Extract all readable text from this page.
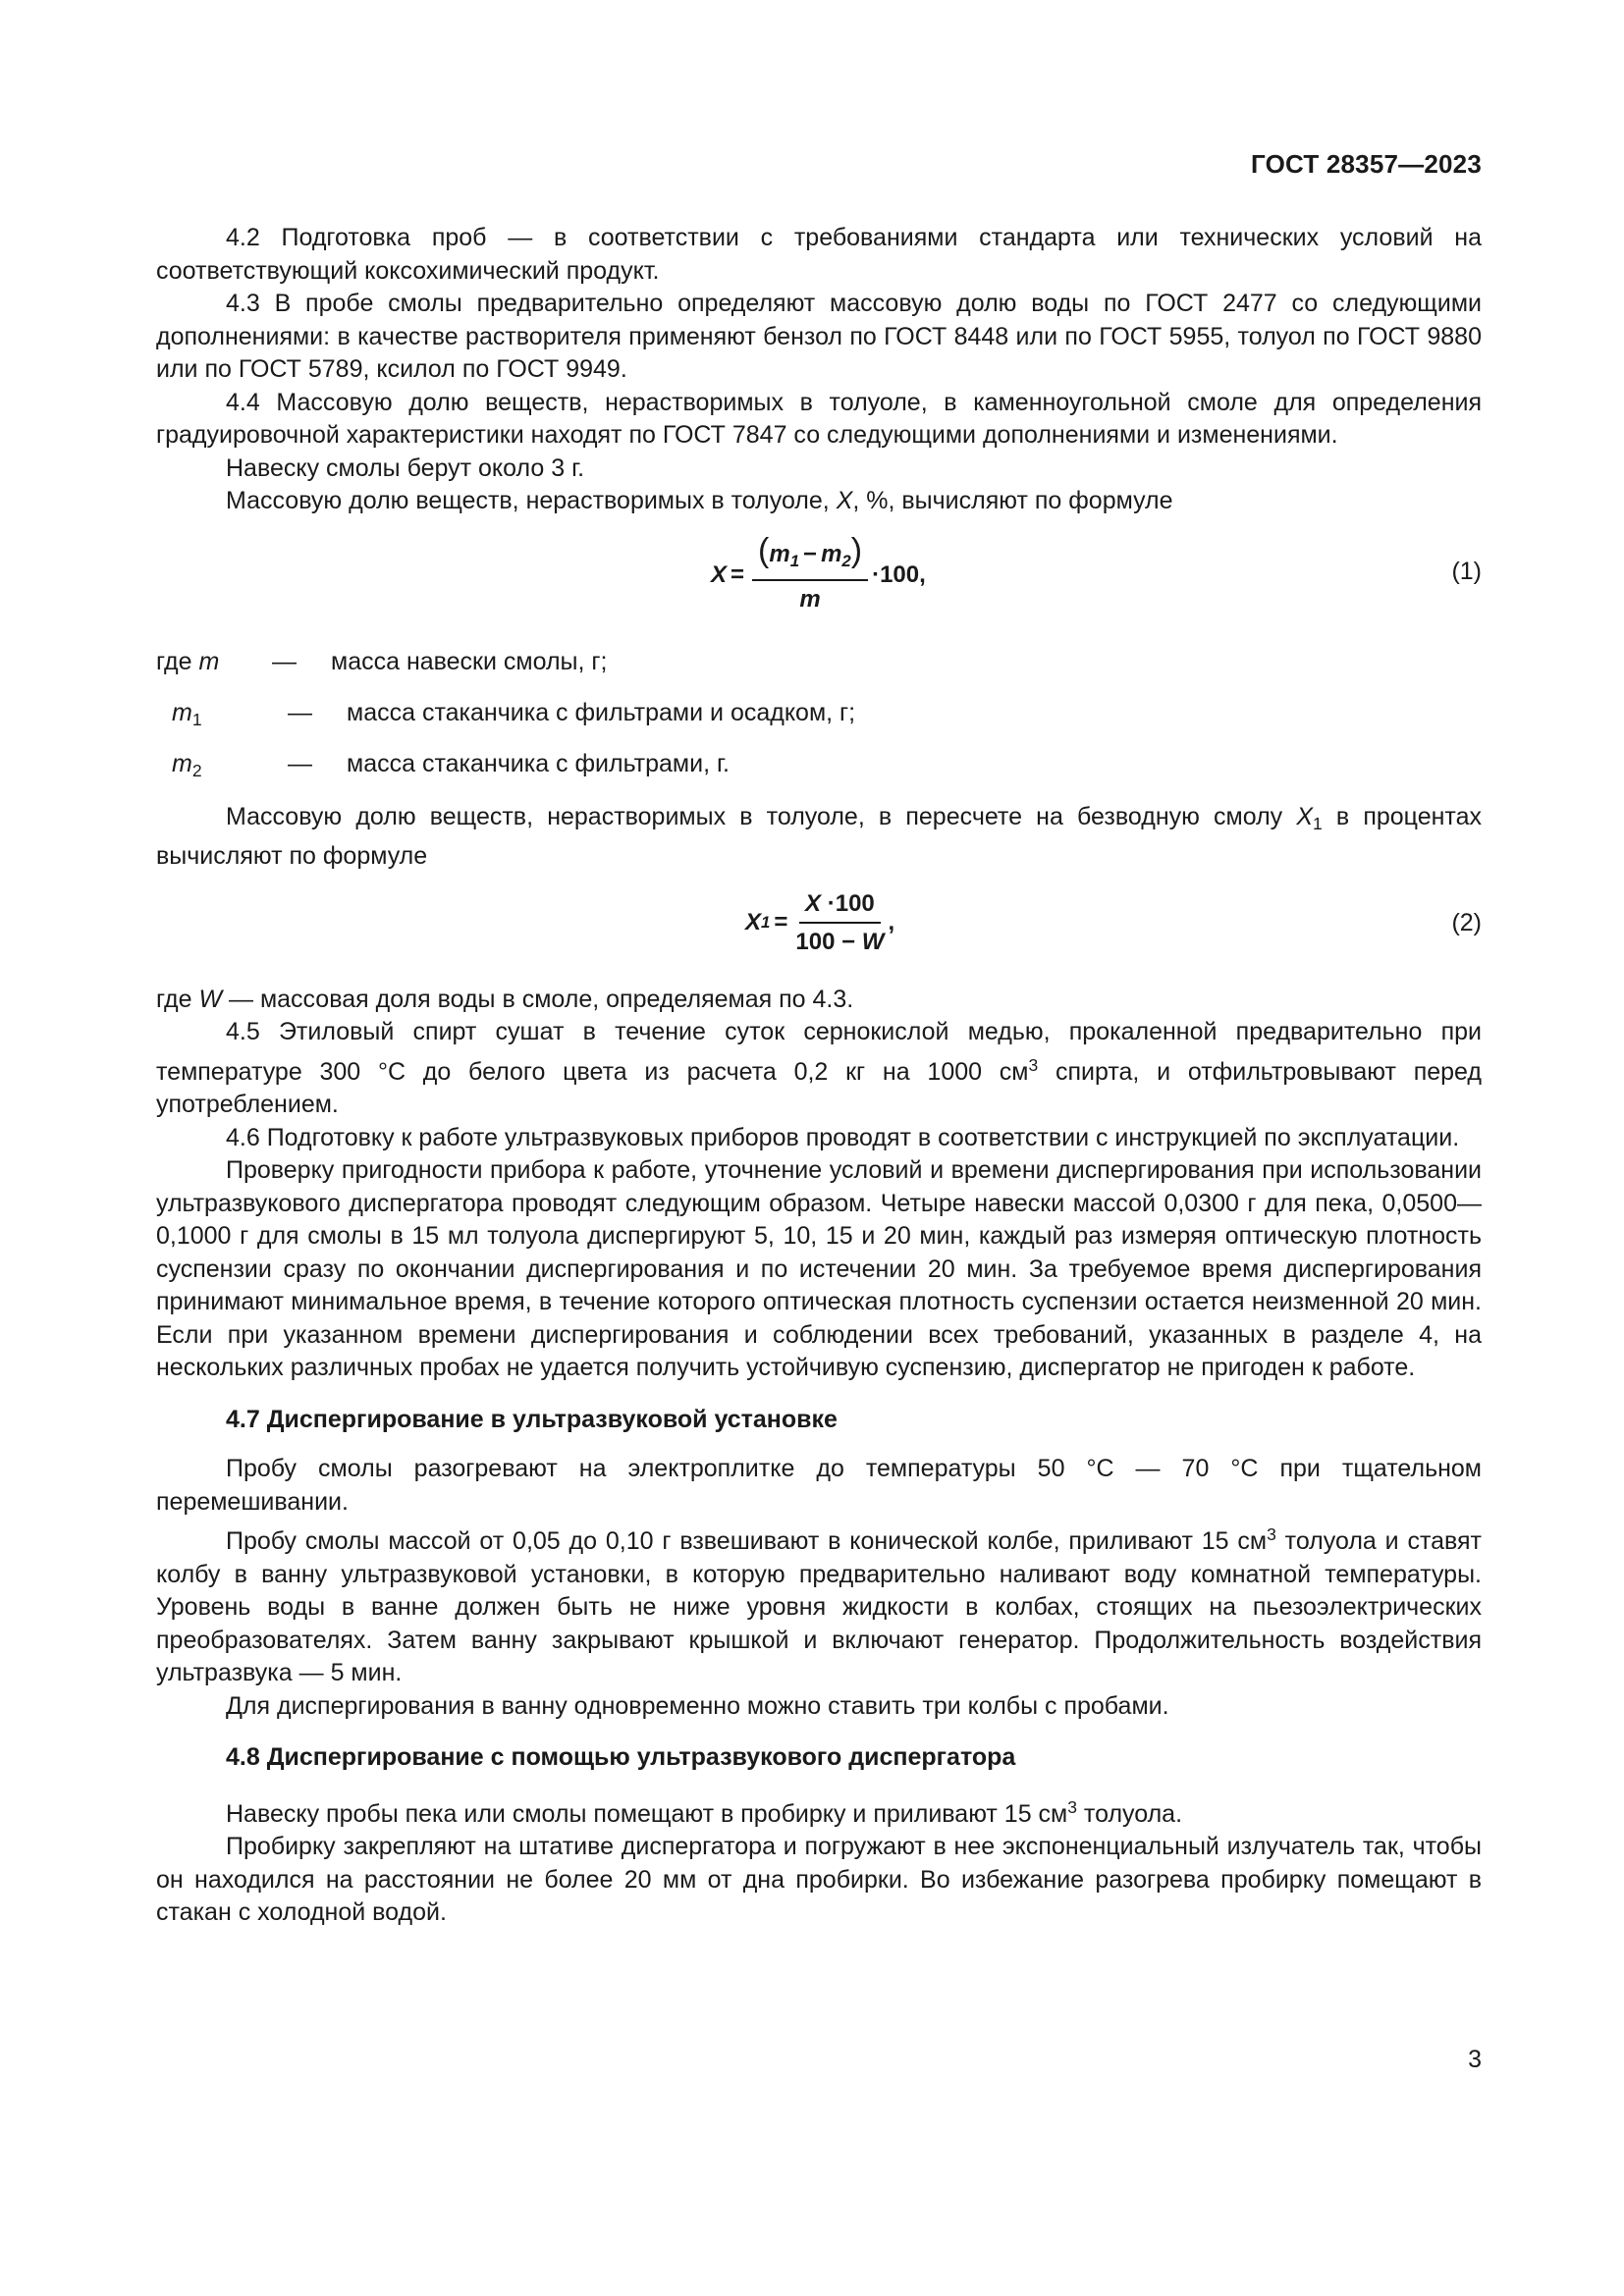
ГОСТ 28357—2023

4.2 Подготовка проб — в соответствии с требованиями стандарта или технических условий на соответствующий коксохимический продукт.

4.3 В пробе смолы предварительно определяют массовую долю воды по ГОСТ 2477 со следующими дополнениями: в качестве растворителя применяют бензол по ГОСТ 8448 или по ГОСТ 5955, толуол по ГОСТ 9880 или по ГОСТ 5789, ксилол по ГОСТ 9949.

4.4 Массовую долю веществ, нерастворимых в толуоле, в каменноугольной смоле для определения градуировочной характеристики находят по ГОСТ 7847 со следующими дополнениями и изменениями.

Навеску смолы берут около 3 г.

Массовую долю веществ, нерастворимых в толуоле, X, %, вычисляют по формуле

$X = \frac{(m_1 - m_2)}{m} \cdot 100$,	(1)
где m	—	масса навески смолы, г;
$m_1$	—	масса стаканчика с фильтрами и осадком, г;
$m_2$	—	масса стаканчика с фильтрами, г.

Массовую долю веществ, нерастворимых в толуоле, в пересчете на безводную смолу $X_1$ в процентах вычисляют по формуле

X $1 = \frac{X \cdot 100}{100 - W}$ ,	(2)

где W — массовая доля воды в смоле, определяемая по 4.3.

4.5 Этиловый спирт сушат в течение суток сернокислой медью, прокаленной предварительно при температуре 300 °C до белого цвета из расчета 0,2 кг на 1000 $см^3$ спирта, и отфильтровывают перед употреблением.

4.6 Подготовку к работе ультразвуковых приборов проводят в соответствии с инструкцией по эксплуатации.

Проверку пригодности прибора к работе, уточнение условий и времени диспергирования при использовании ультразвукового диспергатора проводят следующим образом. Четыре навески массой 0,0300 г для пека, 0,0500—0,1000 г для смолы в 15 мл толуола диспергируют 5, 10, 15 и 20 мин, каждый раз измеряя оптическую плотность суспензии сразу по окончании диспергирования и по истечении 20 мин. За требуемое время диспергирования принимают минимальное время, в течение которого оптическая плотность суспензии остается неизменной 20 мин. Если при указанном времени диспергирования и соблюдении всех требований, указанных в разделе 4, на нескольких различных пробах не удается получить устойчивую суспензию, диспергатор не пригоден к работе.

4.7 Диспергирование в ультразвуковой установке

Пробу смолы разогревают на электроплитке до температуры 50 °C — 70 °C при тщательном перемешивании.

Пробу смолы массой от 0,05 до 0,10 г взвешивают в конической колбе, приливают 15 $см^3$ толуола и ставят колбу в ванну ультразвуковой установки, в которую предварительно наливают воду комнатной температуры. Уровень воды в ванне должен быть не ниже уровня жидкости в колбах, стоящих на пьезоэлектрических преобразователях. Затем ванну закрывают крышкой и включают генератор. Продолжительность воздействия ультразвука — 5 мин.

Для диспергирования в ванну одновременно можно ставить три колбы с пробами.

4.8 Диспергирование с помощью ультразвукового диспергатора

Навеску пробы пека или смолы помещают в пробирку и приливают 15 $см^3$ толуола.

Пробирку закрепляют на штативе диспергатора и погружают в нее экспоненциальный излучатель так, чтобы он находился на расстоянии не более 20 мм от дна пробирки. Во избежание разогрева пробирку помещают в стакан с холодной водой.

3
